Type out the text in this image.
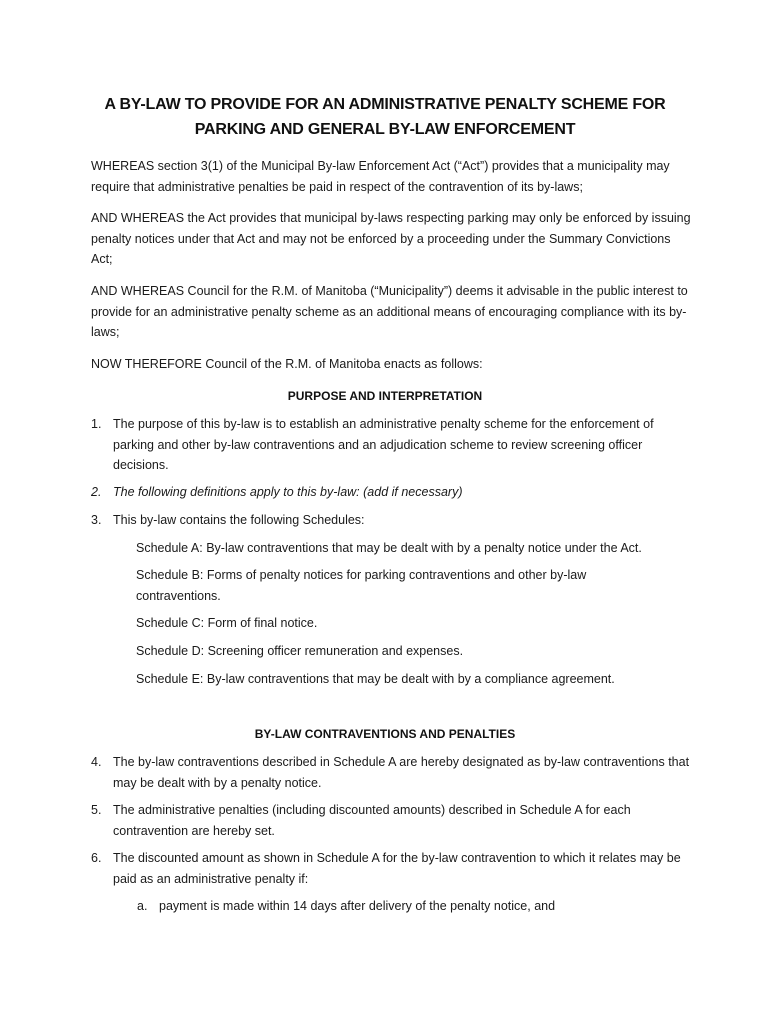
A BY-LAW TO PROVIDE FOR AN ADMINISTRATIVE PENALTY SCHEME FOR
PARKING AND GENERAL BY-LAW ENFORCEMENT
WHEREAS section 3(1) of the Municipal By-law Enforcement Act (“Act”) provides that a municipality may require that administrative penalties be paid in respect of the contravention of its by-laws;
AND WHEREAS the Act provides that municipal by-laws respecting parking may only be enforced by issuing penalty notices under that Act and may not be enforced by a proceeding under the Summary Convictions Act;
AND WHEREAS Council for the R.M. of Manitoba (“Municipality”) deems it advisable in the public interest to provide for an administrative penalty scheme as an additional means of encouraging compliance with its by-laws;
NOW THEREFORE Council of the R.M. of Manitoba enacts as follows:
PURPOSE AND INTERPRETATION
1. The purpose of this by-law is to establish an administrative penalty scheme for the enforcement of parking and other by-law contraventions and an adjudication scheme to review screening officer decisions.
2. The following definitions apply to this by-law: (add if necessary)
3. This by-law contains the following Schedules:
Schedule A: By-law contraventions that may be dealt with by a penalty notice under the Act.
Schedule B: Forms of penalty notices for parking contraventions and other by-law contraventions.
Schedule C: Form of final notice.
Schedule D: Screening officer remuneration and expenses.
Schedule E: By-law contraventions that may be dealt with by a compliance agreement.
BY-LAW CONTRAVENTIONS AND PENALTIES
4. The by-law contraventions described in Schedule A are hereby designated as by-law contraventions that may be dealt with by a penalty notice.
5. The administrative penalties (including discounted amounts) described in Schedule A for each contravention are hereby set.
6. The discounted amount as shown in Schedule A for the by-law contravention to which it relates may be paid as an administrative penalty if:
a. payment is made within 14 days after delivery of the penalty notice, and
